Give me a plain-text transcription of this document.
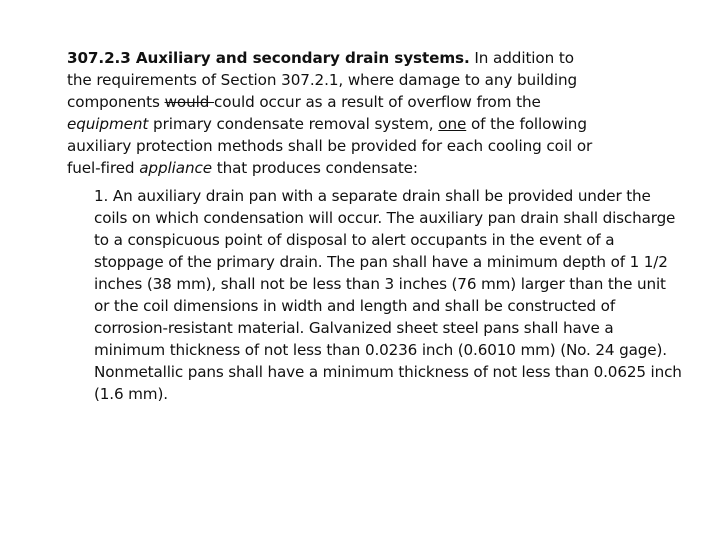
307.2.3 Auxiliary and secondary drain systems. In addition to the requirements of Section 307.2.1, where damage to any building components would could occur as a result of overflow from the equipment primary condensate removal system, one of the following auxiliary protection methods shall be provided for each cooling coil or fuel-fired appliance that produces condensate:

1. An auxiliary drain pan with a separate drain shall be provided under the coils on which condensation will occur. The auxiliary pan drain shall discharge to a conspicuous point of disposal to alert occupants in the event of a stoppage of the primary drain. The pan shall have a minimum depth of 1 1/2 inches (38 mm), shall not be less than 3 inches (76 mm) larger than the unit or the coil dimensions in width and length and shall be constructed of corrosion-resistant material. Galvanized sheet steel pans shall have a minimum thickness of not less than 0.0236 inch (0.6010 mm) (No. 24 gage). Nonmetallic pans shall have a minimum thickness of not less than 0.0625 inch (1.6 mm).
